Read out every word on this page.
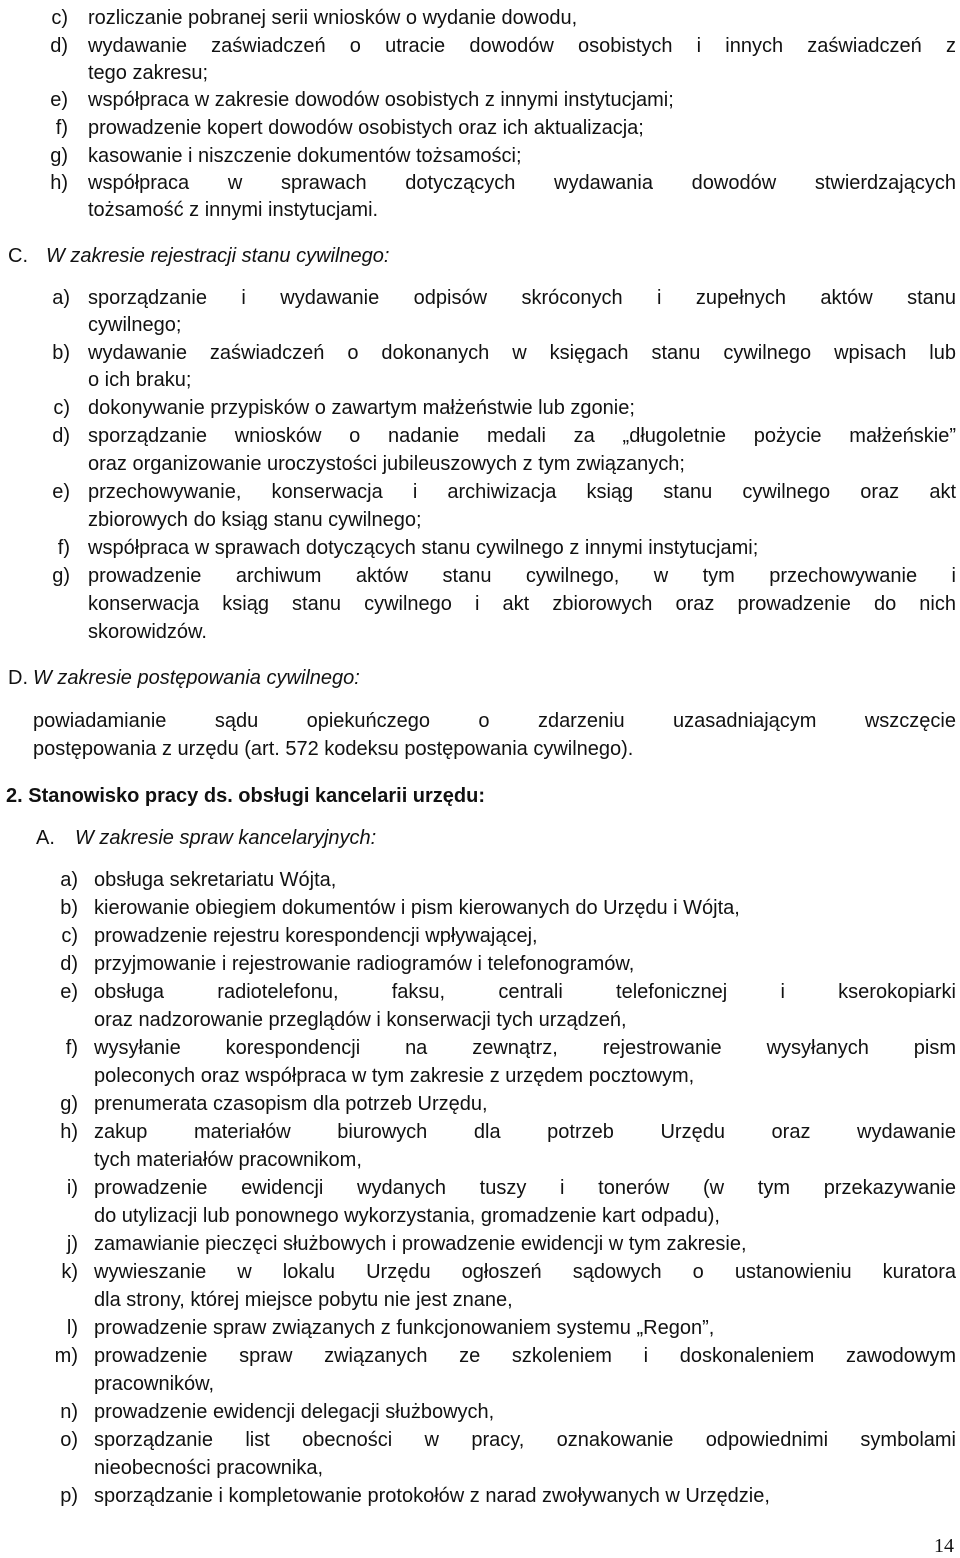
c) rozliczanie pobranej serii wniosków o wydanie dowodu,
d) wydawanie zaświadczeń o utracie dowodów osobistych i innych zaświadczeń z
tego zakresu;
e) współpraca w zakresie dowodów osobistych z innymi instytucjami;
f) prowadzenie kopert dowodów osobistych oraz ich aktualizacja;
g) kasowanie i niszczenie dokumentów tożsamości;
h) współpraca w sprawach dotyczących wydawania dowodów stwierdzających
tożsamość z innymi instytucjami.
C. W zakresie rejestracji stanu cywilnego:
a) sporządzanie i wydawanie odpisów skróconych i zupełnych aktów stanu
cywilnego;
b) wydawanie zaświadczeń o dokonanych w księgach stanu cywilnego wpisach lub
o ich braku;
c) dokonywanie przypisków o zawartym małżeństwie lub zgonie;
d) sporządzanie wniosków o nadanie medali za „długoletnie pożycie małżeńskie”
oraz organizowanie uroczystości jubileuszowych z tym związanych;
e) przechowywanie, konserwacja i archiwizacja ksiąg stanu cywilnego oraz akt
zbiorowych do ksiąg stanu cywilnego;
f) współpraca w sprawach dotyczących stanu cywilnego z innymi instytucjami;
g) prowadzenie archiwum aktów stanu cywilnego, w tym przechowywanie i
konserwacja ksiąg stanu cywilnego i akt zbiorowych oraz prowadzenie do nich
skorowidzów.
D. W zakresie postępowania cywilnego:
powiadamianie sądu opiekuńczego o zdarzeniu uzasadniającym wszczęcie
postępowania z urzędu (art. 572 kodeksu postępowania cywilnego).
2. Stanowisko pracy ds. obsługi kancelarii urzędu:
A. W zakresie spraw kancelaryjnych:
a) obsługa sekretariatu Wójta,
b) kierowanie obiegiem dokumentów i pism kierowanych do Urzędu i Wójta,
c) prowadzenie rejestru korespondencji wpływającej,
d) przyjmowanie i rejestrowanie radiogramów i telefonogramów,
e) obsługa radiotelefonu, faksu, centrali telefonicznej i kserokopiarki
oraz nadzorowanie przeglądów i konserwacji tych urządzeń,
f) wysyłanie korespondencji na zewnątrz, rejestrowanie wysyłanych pism
poleconych oraz współpraca w tym zakresie z urzędem pocztowym,
g) prenumerata czasopism dla potrzeb Urzędu,
h) zakup materiałów biurowych dla potrzeb Urzędu oraz wydawanie
tych materiałów pracownikom,
i) prowadzenie ewidencji wydanych tuszy i tonerów (w tym przekazywanie
do utylizacji lub ponownego wykorzystania, gromadzenie kart odpadu),
j) zamawianie pieczęci służbowych i prowadzenie ewidencji w tym zakresie,
k) wywieszanie w lokalu Urzędu ogłoszeń sądowych o ustanowieniu kuratora
dla strony, której miejsce pobytu nie jest znane,
l) prowadzenie spraw związanych z funkcjonowaniem systemu „Regon”,
m) prowadzenie spraw związanych ze szkoleniem i doskonaleniem zawodowym
pracowników,
n) prowadzenie ewidencji delegacji służbowych,
o) sporządzanie list obecności w pracy, oznakowanie odpowiednimi symbolami
nieobecności pracownika,
p) sporządzanie i kompletowanie protokołów z narad zwoływanych w Urzędzie,
14
